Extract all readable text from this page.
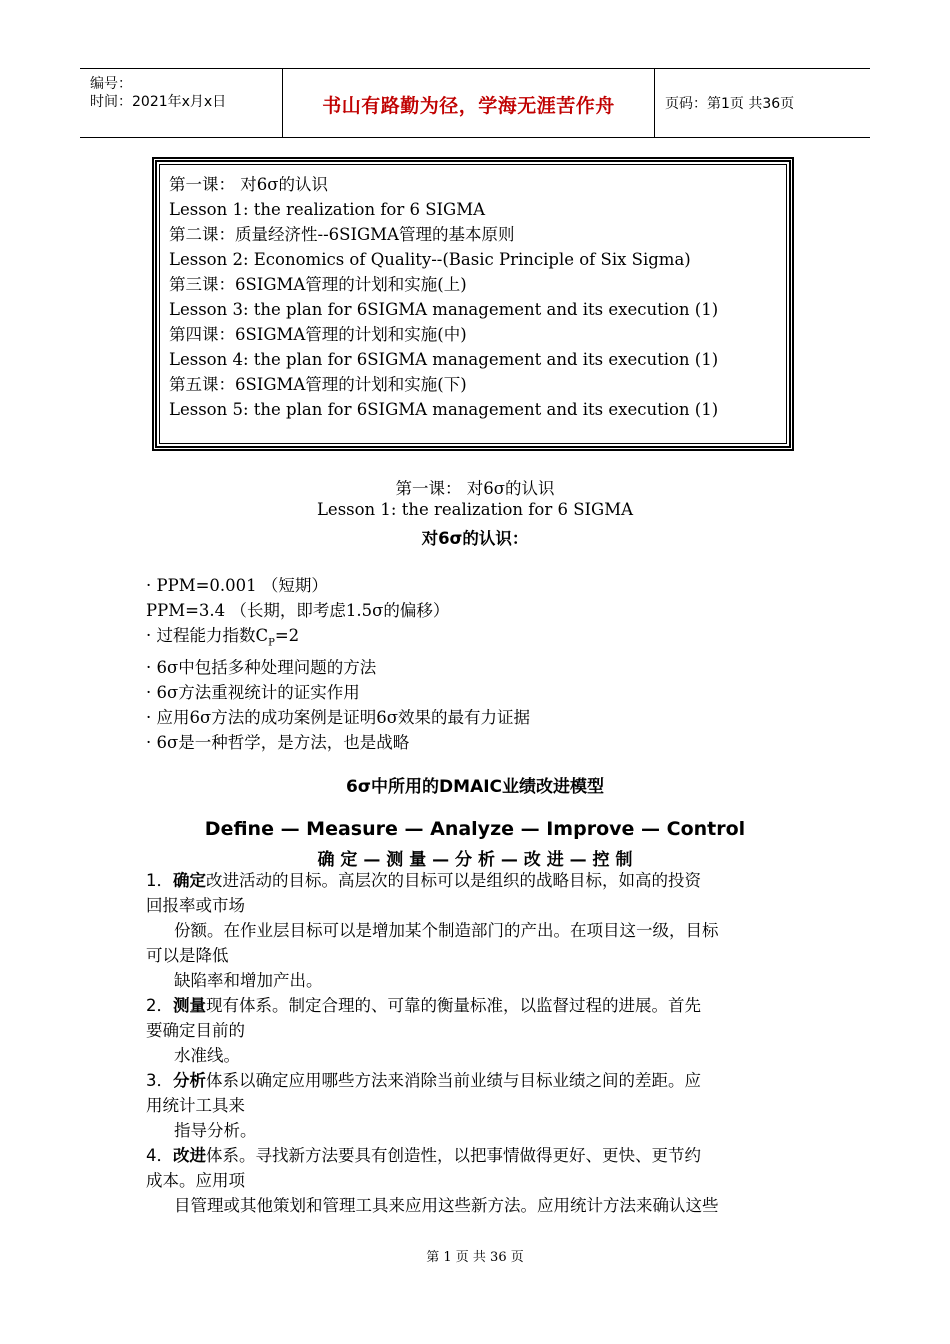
编号：
时间：2021年x月x日	书山有路勤为径，学海无涯苦作舟	页码：第1页 共36页
第一课： 对6σ的认识
Lesson 1: the realization for 6 SIGMA
第二课：质量经济性--6SIGMA管理的基本原则
Lesson 2: Economics of Quality--(Basic Principle of Six Sigma)
第三课：6SIGMA管理的计划和实施(上)
Lesson 3: the plan for 6SIGMA management and its execution (1)
第四课：6SIGMA管理的计划和实施(中)
Lesson 4: the plan for 6SIGMA management and its execution (1)
第五课：6SIGMA管理的计划和实施(下)
Lesson 5: the plan for 6SIGMA management and its execution (1)
第一课： 对6σ的认识
Lesson 1: the realization for 6 SIGMA
对6σ的认识：
· PPM=0.001 （短期）
PPM=3.4 （长期，即考虑1.5σ的偏移）
· 过程能力指数$C_P=2$
· 6σ中包括多种处理问题的方法
· 6σ方法重视统计的证实作用
· 应用6σ方法的成功案例是证明6σ效果的最有力证据
· 6σ是一种哲学，是方法，也是战略
6σ中所用的DMAIC业绩改进模型
Define — Measure — Analyze — Improve — Control
确 定 — 测 量 — 分 析 — 改 进 — 控 制
1．确定改进活动的目标。高层次的目标可以是组织的战略目标，如高的投资
回报率或市场
份额。在作业层目标可以是增加某个制造部门的产出。在项目这一级，目标
可以是降低
缺陷率和增加产出。
2．测量现有体系。制定合理的、可靠的衡量标准，以监督过程的进展。首先
要确定目前的
水准线。
3．分析体系以确定应用哪些方法来消除当前业绩与目标业绩之间的差距。应
用统计工具来
指导分析。
4．改进体系。寻找新方法要具有创造性，以把事情做得更好、更快、更节约
成本。应用项
目管理或其他策划和管理工具来应用这些新方法。应用统计方法来确认这些
第 1 页 共 36 页
